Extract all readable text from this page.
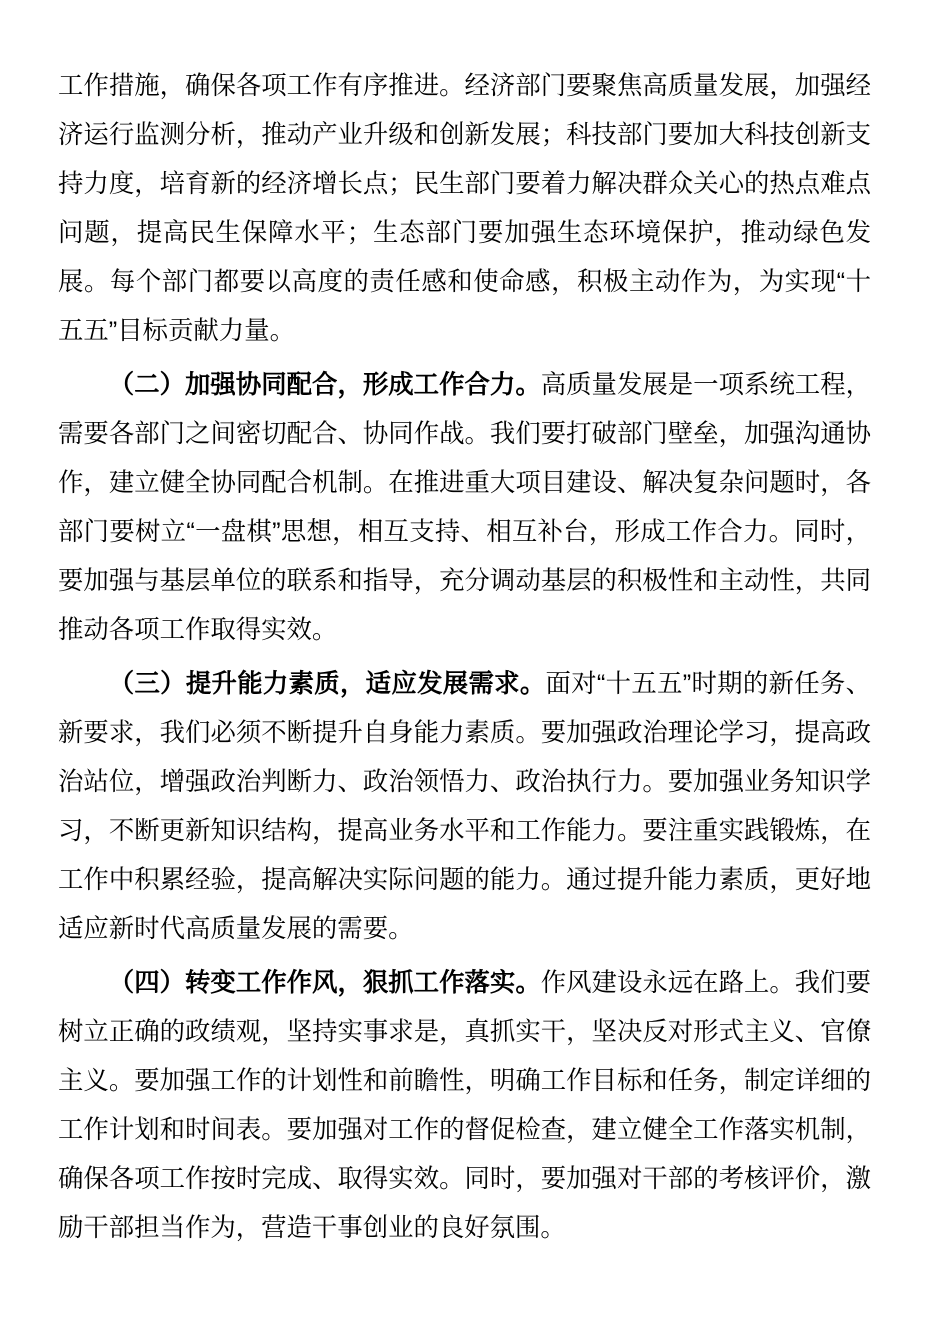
工作措施，确保各项工作有序推进。经济部门要聚焦高质量发展，加强经济运行监测分析，推动产业升级和创新发展；科技部门要加大科技创新支持力度，培育新的经济增长点；民生部门要着力解决群众关心的热点难点问题，提高民生保障水平；生态部门要加强生态环境保护，推动绿色发展。每个部门都要以高度的责任感和使命感，积极主动作为，为实现“十五五”目标贡献力量。

（二）加强协同配合，形成工作合力。高质量发展是一项系统工程，需要各部门之间密切配合、协同作战。我们要打破部门壁垒，加强沟通协作，建立健全协同配合机制。在推进重大项目建设、解决复杂问题时，各部门要树立“一盘棋”思想，相互支持、相互补台，形成工作合力。同时，要加强与基层单位的联系和指导，充分调动基层的积极性和主动性，共同推动各项工作取得实效。

（三）提升能力素质，适应发展需求。面对“十五五”时期的新任务、新要求，我们必须不断提升自身能力素质。要加强政治理论学习，提高政治站位，增强政治判断力、政治领悟力、政治执行力。要加强业务知识学习，不断更新知识结构，提高业务水平和工作能力。要注重实践锻炼，在工作中积累经验，提高解决实际问题的能力。通过提升能力素质，更好地适应新时代高质量发展的需要。

（四）转变工作作风，狠抓工作落实。作风建设永远在路上。我们要树立正确的政绩观，坚持实事求是，真抓实干，坚决反对形式主义、官僚主义。要加强工作的计划性和前瞻性，明确工作目标和任务，制定详细的工作计划和时间表。要加强对工作的督促检查，建立健全工作落实机制，确保各项工作按时完成、取得实效。同时，要加强对干部的考核评价，激励干部担当作为，营造干事创业的良好氛围。
